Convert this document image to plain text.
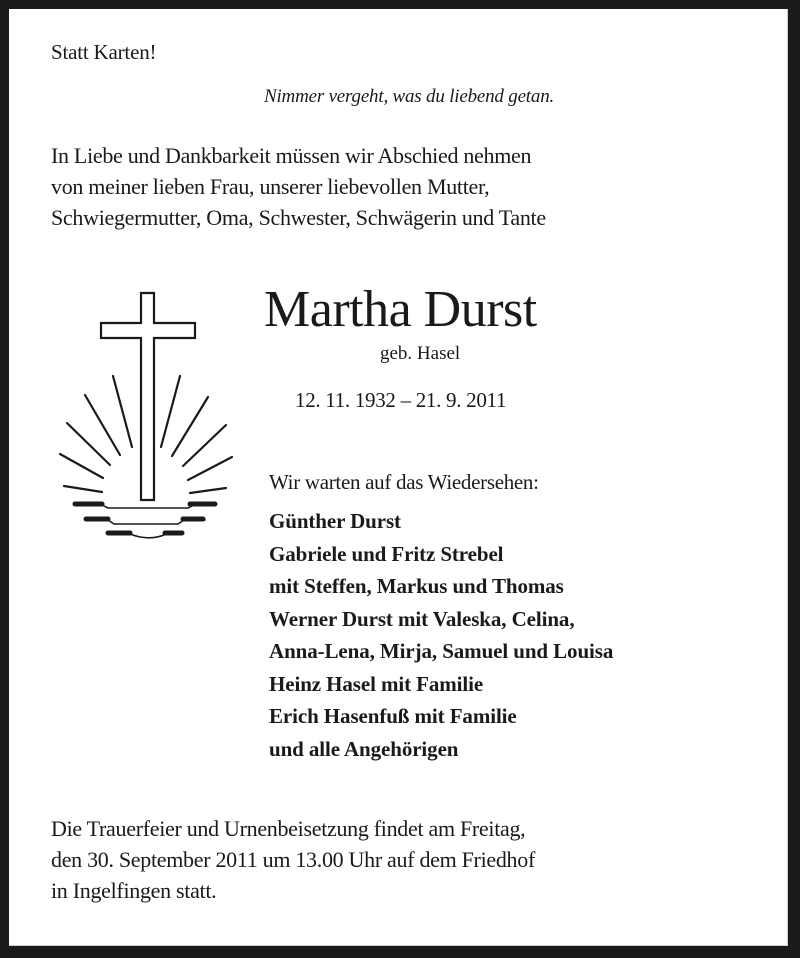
Statt Karten!
Nimmer vergeht, was du liebend getan.
In Liebe und Dankbarkeit müssen wir Abschied nehmen
von meiner lieben Frau, unserer liebevollen Mutter,
Schwiegermutter, Oma, Schwester, Schwägerin und Tante
Martha Durst
geb. Hasel
12. 11. 1932 – 21. 9. 2011
Wir warten auf das Wiedersehen:
Günther Durst
Gabriele und Fritz Strebel
mit Steffen, Markus und Thomas
Werner Durst mit Valeska, Celina,
Anna-Lena, Mirja, Samuel und Louisa
Heinz Hasel mit Familie
Erich Hasenfuß mit Familie
und alle Angehörigen
Die Trauerfeier und Urnenbeisetzung findet am Freitag,
den 30. September 2011 um 13.00 Uhr auf dem Friedhof
in Ingelfingen statt.
